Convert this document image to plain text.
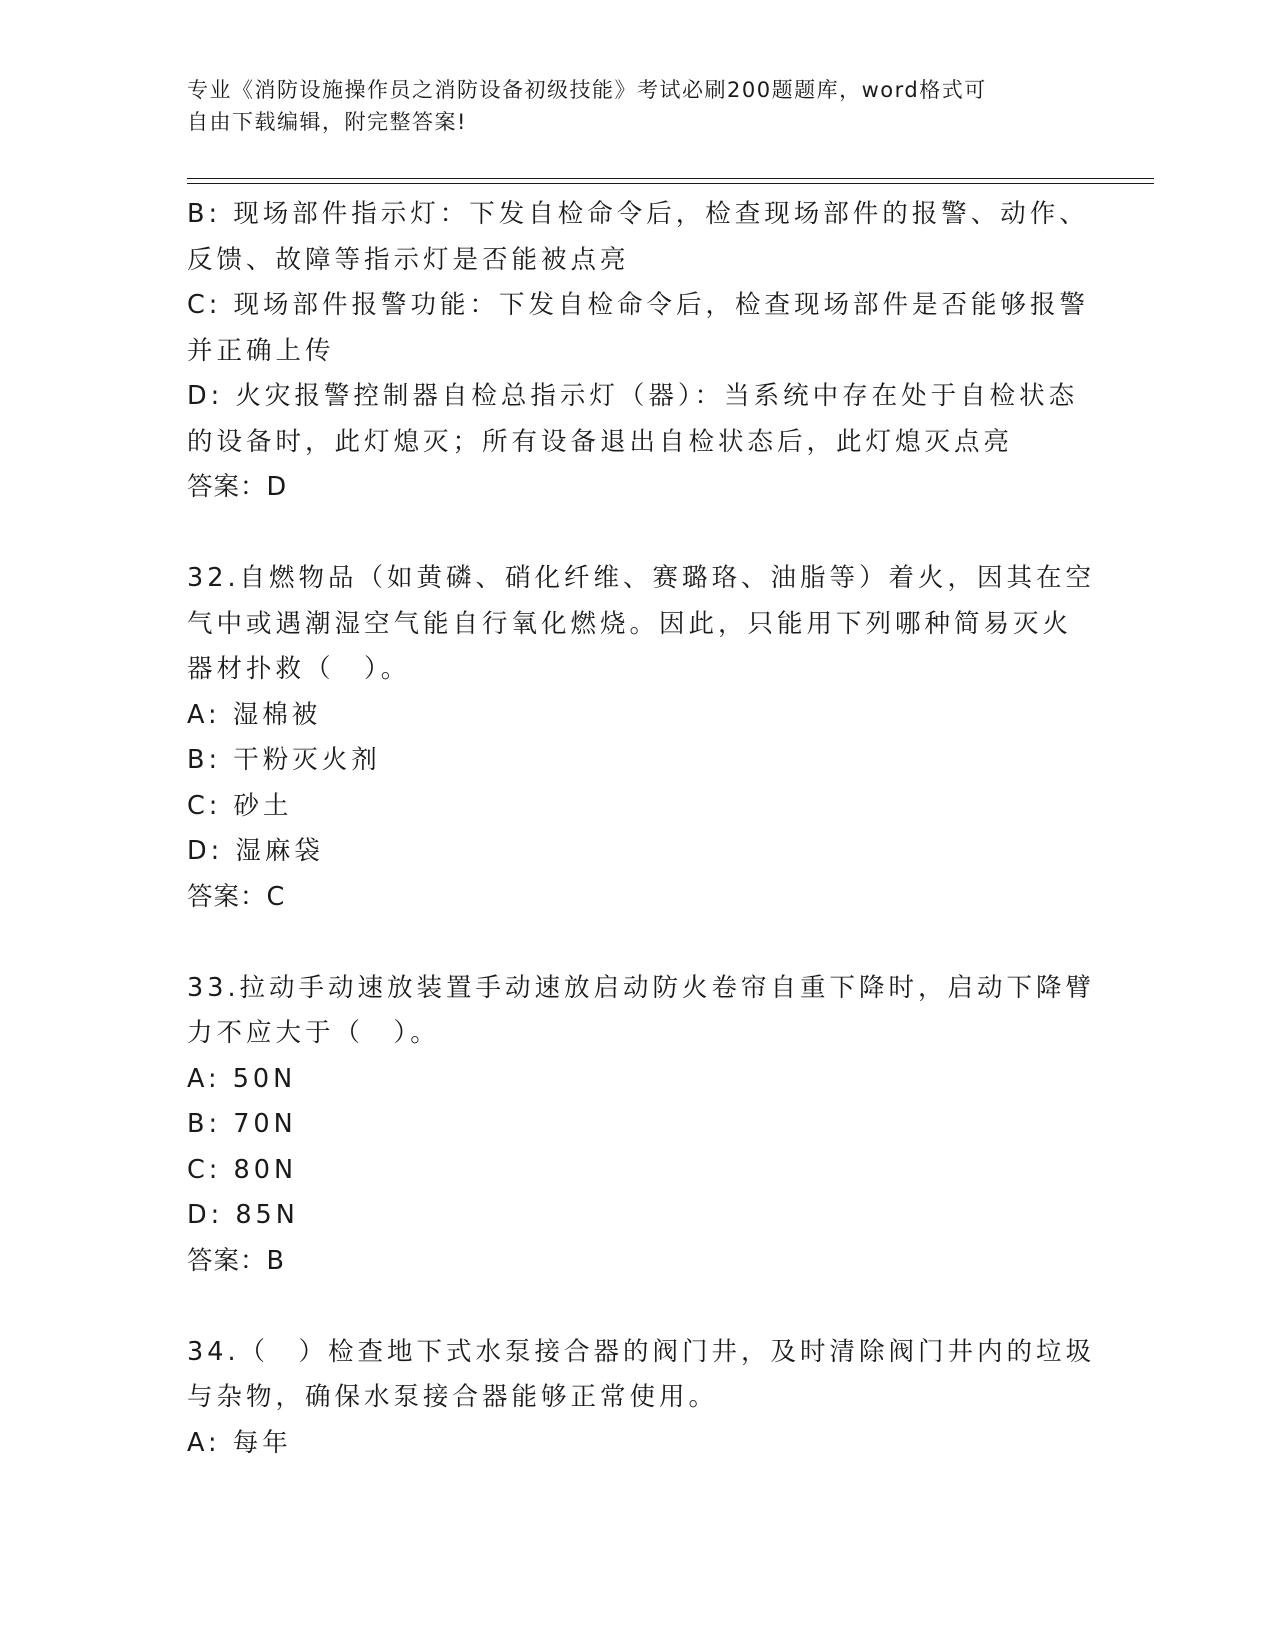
专业《消防设施操作员之消防设备初级技能》考试必刷200题题库，word格式可
自由下载编辑，附完整答案!
B: 现场部件指示灯：下发自检命令后，检查现场部件的报警、动作、
反馈、故障等指示灯是否能被点亮
C: 现场部件报警功能：下发自检命令后，检查现场部件是否能够报警
并正确上传
D: 火灾报警控制器自检总指示灯（器）：当系统中存在处于自检状态
的设备时，此灯熄灭；所有设备退出自检状态后，此灯熄灭点亮
答案：D
32.自燃物品（如黄磷、硝化纤维、赛璐珞、油脂等）着火，因其在空
气中或遇潮湿空气能自行氧化燃烧。因此，只能用下列哪种简易灭火
器材扑救（　）。
A: 湿棉被
B: 干粉灭火剂
C: 砂土
D: 湿麻袋
答案：C
33.拉动手动速放装置手动速放启动防火卷帘自重下降时，启动下降臂
力不应大于（　）。
A: 50N
B: 70N
C: 80N
D: 85N
答案：B
34.（　）检查地下式水泵接合器的阀门井，及时清除阀门井内的垃圾
与杂物，确保水泵接合器能够正常使用。
A: 每年
